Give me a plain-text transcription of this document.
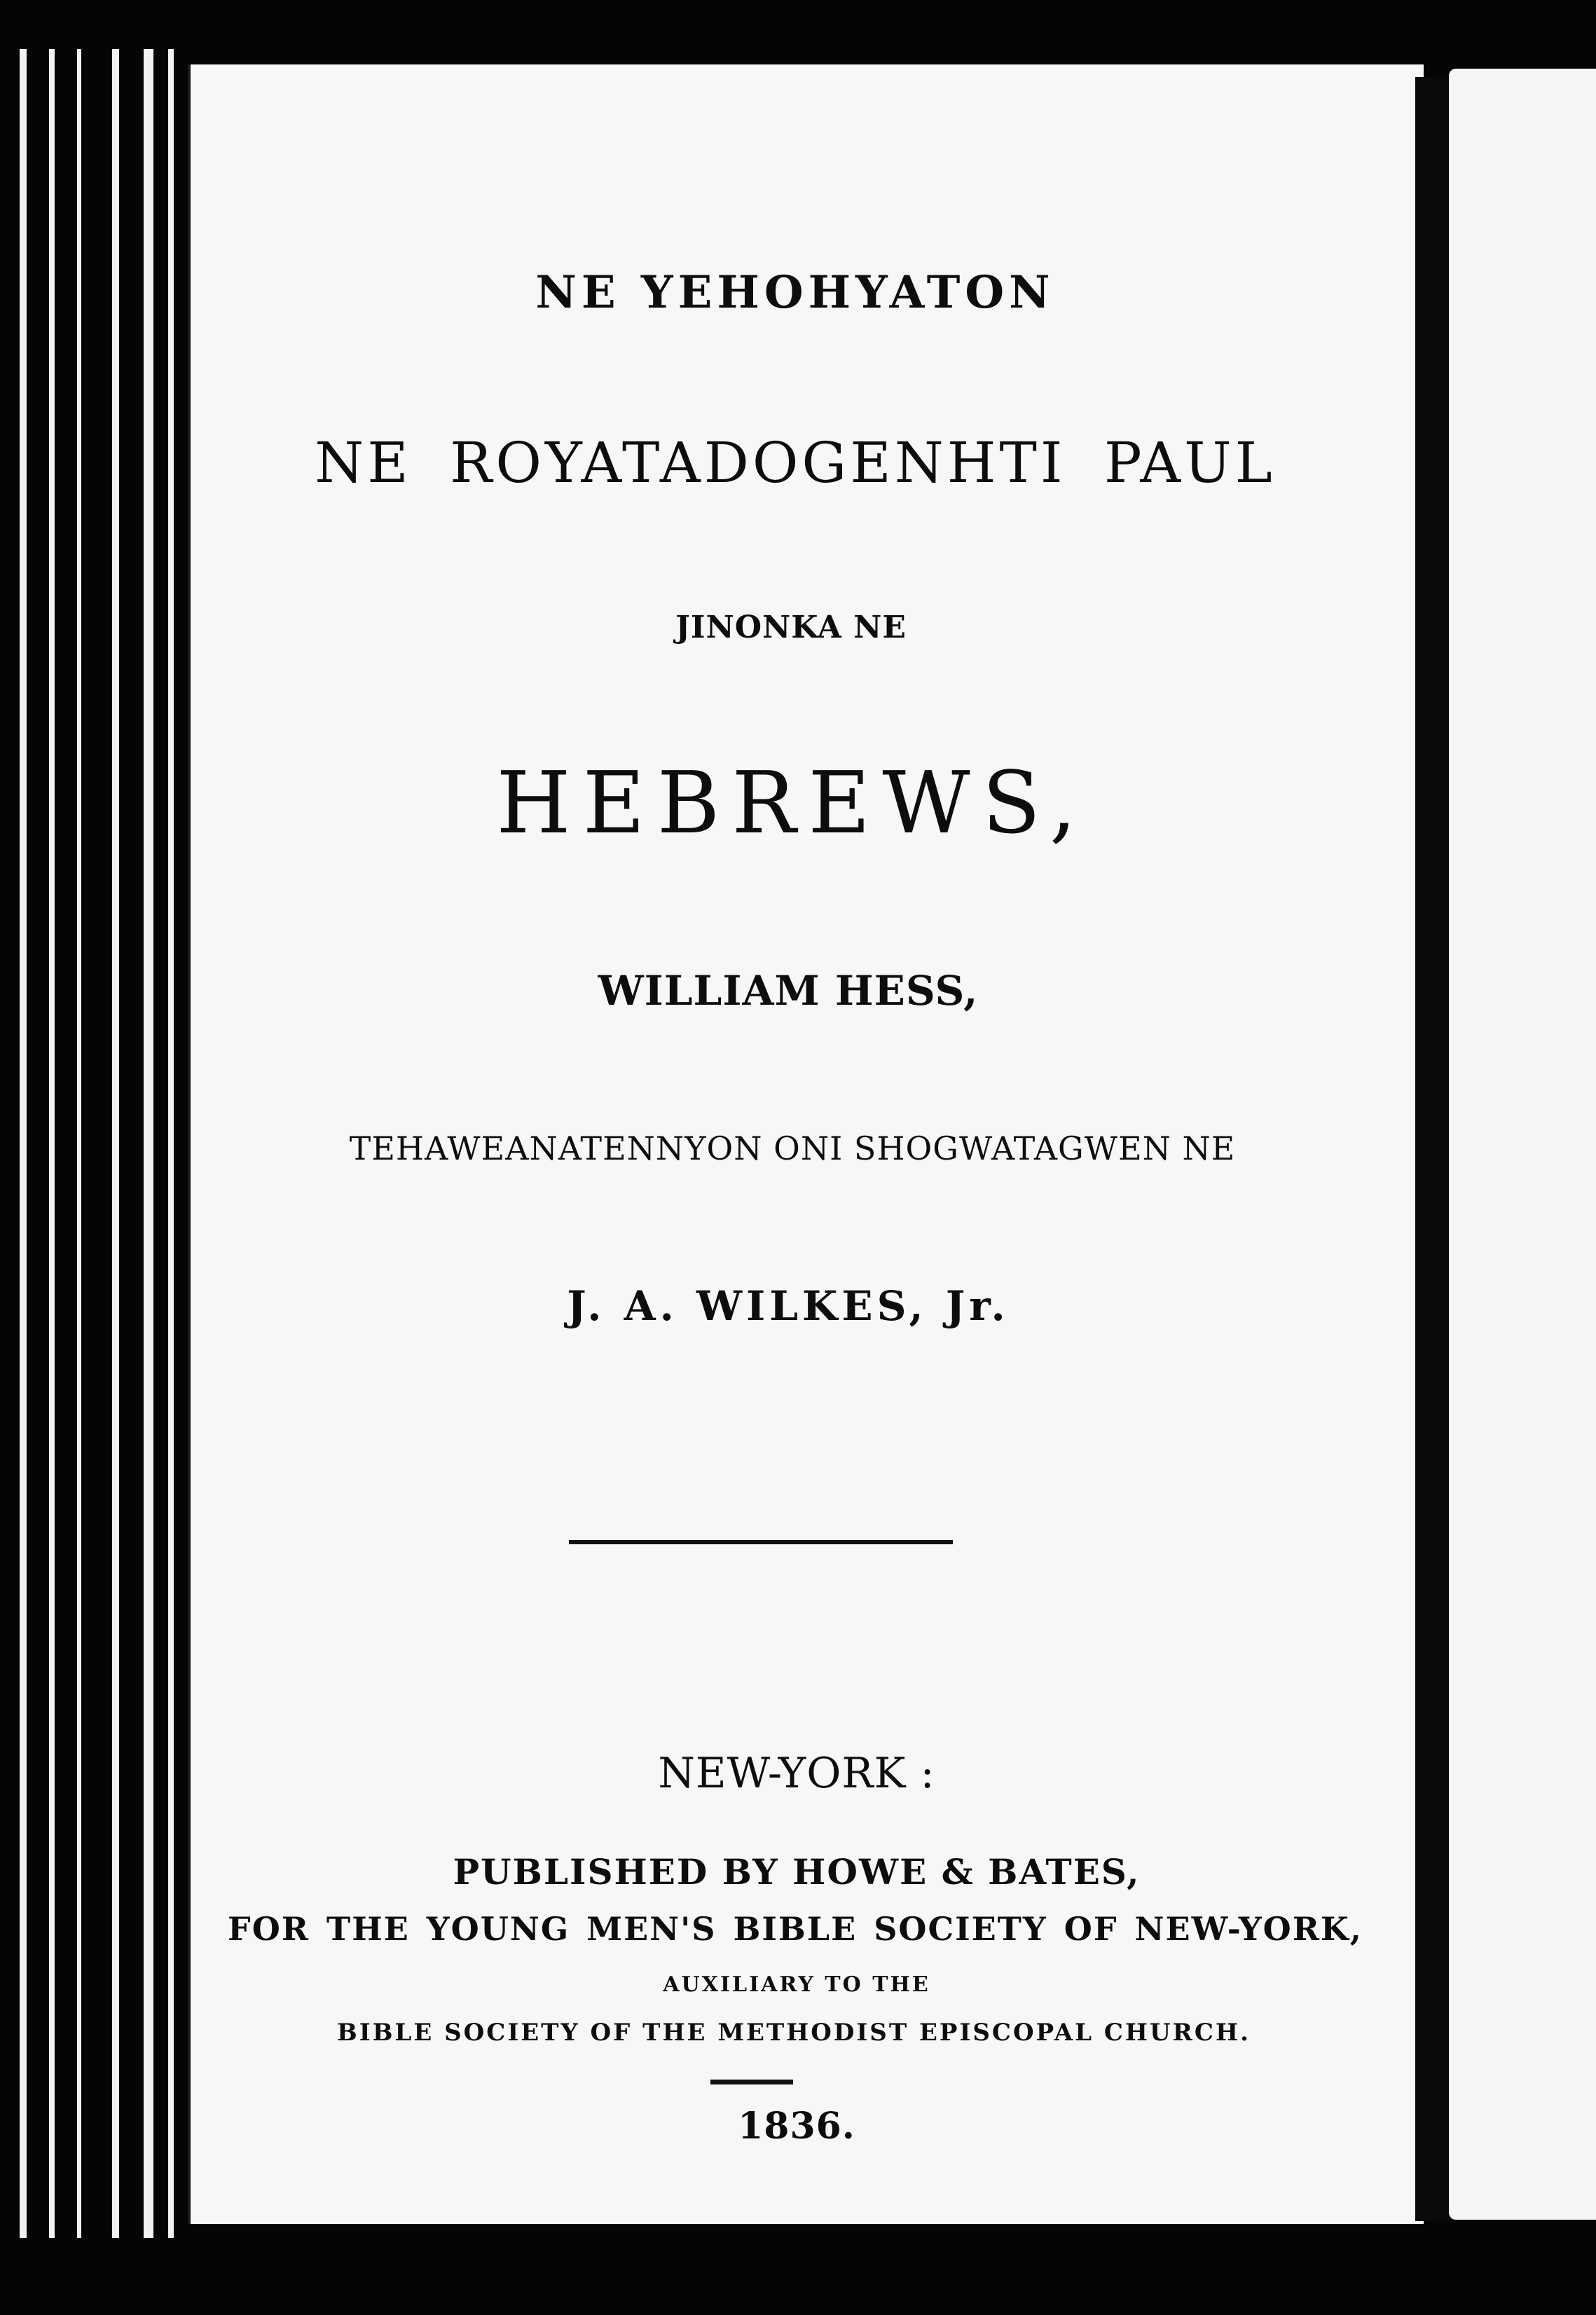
NE YEHOHYATON
NE ROYATADOGENHTI PAUL
JINONKA NE
HEBREWS,
WILLIAM HESS,
TEHAWEANATENNYON ONI SHOGWATAGWEN NE
J. A. WILKES, Jr.
NEW-YORK :
PUBLISHED BY HOWE & BATES,
FOR THE YOUNG MEN'S BIBLE SOCIETY OF NEW-YORK,
AUXILIARY TO THE
BIBLE SOCIETY OF THE METHODIST EPISCOPAL CHURCH.
1836.
